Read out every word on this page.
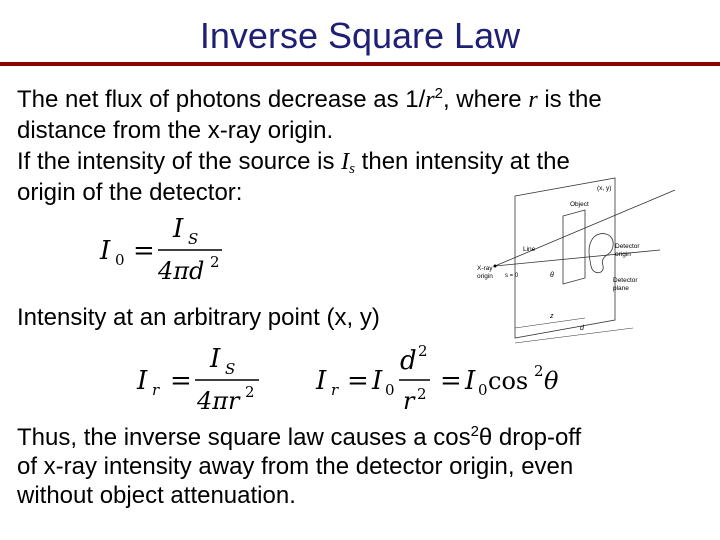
Inverse Square Law
The net flux of photons decrease as $1/r^2$, where r is the
distance from the x-ray origin.
If the intensity of the source is $I_s$ then intensity at the
origin of the detector:
I 0 =
I S
4πd 2
Intensity at an arbitrary point (x, y)
I r =
I S
4πr 2 I r = I 0
d 2
r 2 = I 0 cos 2 θ
Thus, the inverse square law causes a $\cos^2\theta$ drop-off
of x-ray intensity away from the detector origin, even
without object attenuation.
(x, y)
Object
Line
X-ray
origin s = 0	θ
Detector
origin
Detector
plane
z
d
